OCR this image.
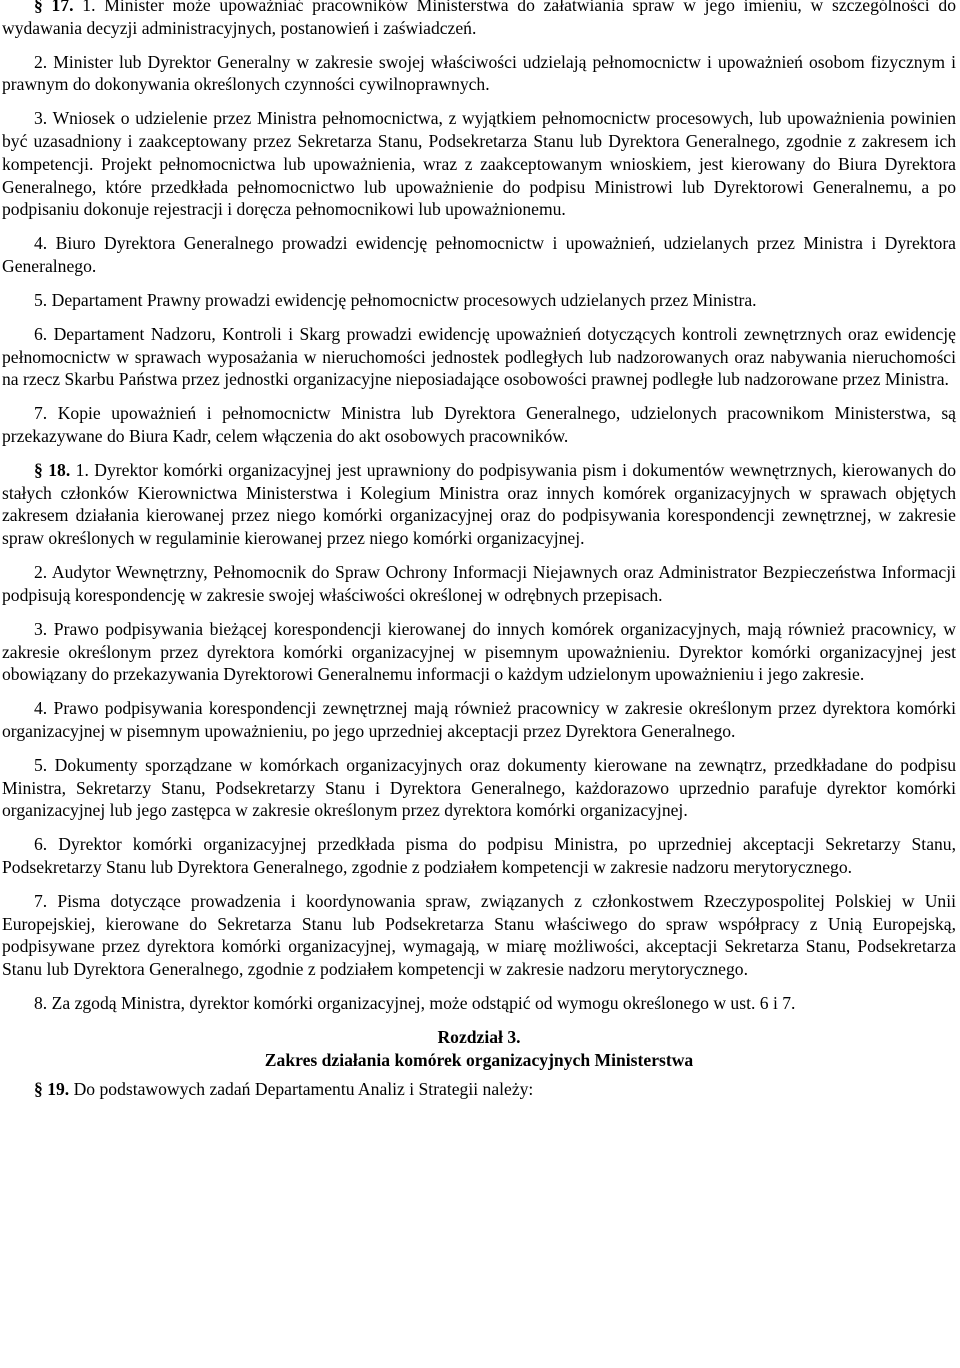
§ 17. 1. Minister może upoważniać pracowników Ministerstwa do załatwiania spraw w jego imieniu, w szczególności do wydawania decyzji administracyjnych, postanowień i zaświadczeń.

2. Minister lub Dyrektor Generalny w zakresie swojej właściwości udzielają pełnomocnictw i upoważnień osobom fizycznym i prawnym do dokonywania określonych czynności cywilnoprawnych.

3. Wniosek o udzielenie przez Ministra pełnomocnictwa, z wyjątkiem pełnomocnictw procesowych, lub upoważnienia powinien być uzasadniony i zaakceptowany przez Sekretarza Stanu, Podsekretarza Stanu lub Dyrektora Generalnego, zgodnie z zakresem ich kompetencji. Projekt pełnomocnictwa lub upoważnienia, wraz z zaakceptowanym wnioskiem, jest kierowany do Biura Dyrektora Generalnego, które przedkłada pełnomocnictwo lub upoważnienie do podpisu Ministrowi lub Dyrektorowi Generalnemu, a po podpisaniu dokonuje rejestracji i doręcza pełnomocnikowi lub upoważnionemu.

4. Biuro Dyrektora Generalnego prowadzi ewidencję pełnomocnictw i upoważnień, udzielanych przez Ministra i Dyrektora Generalnego.

5. Departament Prawny prowadzi ewidencję pełnomocnictw procesowych udzielanych przez Ministra.

6. Departament Nadzoru, Kontroli i Skarg prowadzi ewidencję upoważnień dotyczących kontroli zewnętrznych oraz ewidencję pełnomocnictw w sprawach wyposażania w nieruchomości jednostek podległych lub nadzorowanych oraz nabywania nieruchomości na rzecz Skarbu Państwa przez jednostki organizacyjne nieposiadające osobowości prawnej podległe lub nadzorowane przez Ministra.

7. Kopie upoważnień i pełnomocnictw Ministra lub Dyrektora Generalnego, udzielonych pracownikom Ministerstwa, są przekazywane do Biura Kadr, celem włączenia do akt osobowych pracowników.

§ 18. 1. Dyrektor komórki organizacyjnej jest uprawniony do podpisywania pism i dokumentów wewnętrznych, kierowanych do stałych członków Kierownictwa Ministerstwa i Kolegium Ministra oraz innych komórek organizacyjnych w sprawach objętych zakresem działania kierowanej przez niego komórki organizacyjnej oraz do podpisywania korespondencji zewnętrznej, w zakresie spraw określonych w regulaminie kierowanej przez niego komórki organizacyjnej.

2. Audytor Wewnętrzny, Pełnomocnik do Spraw Ochrony Informacji Niejawnych oraz Administrator Bezpieczeństwa Informacji podpisują korespondencję w zakresie swojej właściwości określonej w odrębnych przepisach.

3. Prawo podpisywania bieżącej korespondencji kierowanej do innych komórek organizacyjnych, mają również pracownicy, w zakresie określonym przez dyrektora komórki organizacyjnej w pisemnym upoważnieniu. Dyrektor komórki organizacyjnej jest obowiązany do przekazywania Dyrektorowi Generalnemu informacji o każdym udzielonym upoważnieniu i jego zakresie.

4. Prawo podpisywania korespondencji zewnętrznej mają również pracownicy w zakresie określonym przez dyrektora komórki organizacyjnej w pisemnym upoważnieniu, po jego uprzedniej akceptacji przez Dyrektora Generalnego.

5. Dokumenty sporządzane w komórkach organizacyjnych oraz dokumenty kierowane na zewnątrz, przedkładane do podpisu Ministra, Sekretarzy Stanu, Podsekretarzy Stanu i Dyrektora Generalnego, każdorazowo uprzednio parafuje dyrektor komórki organizacyjnej lub jego zastępca w zakresie określonym przez dyrektora komórki organizacyjnej.

6. Dyrektor komórki organizacyjnej przedkłada pisma do podpisu Ministra, po uprzedniej akceptacji Sekretarzy Stanu, Podsekretarzy Stanu lub Dyrektora Generalnego, zgodnie z podziałem kompetencji w zakresie nadzoru merytorycznego.

7. Pisma dotyczące prowadzenia i koordynowania spraw, związanych z członkostwem Rzeczypospolitej Polskiej w Unii Europejskiej, kierowane do Sekretarza Stanu lub Podsekretarza Stanu właściwego do spraw współpracy z Unią Europejską, podpisywane przez dyrektora komórki organizacyjnej, wymagają, w miarę możliwości, akceptacji Sekretarza Stanu, Podsekretarza Stanu lub Dyrektora Generalnego, zgodnie z podziałem kompetencji w zakresie nadzoru merytorycznego.

8. Za zgodą Ministra, dyrektor komórki organizacyjnej, może odstąpić od wymogu określonego w ust. 6 i 7.

Rozdział 3.
Zakres działania komórek organizacyjnych Ministerstwa

§ 19. Do podstawowych zadań Departamentu Analiz i Strategii należy:
